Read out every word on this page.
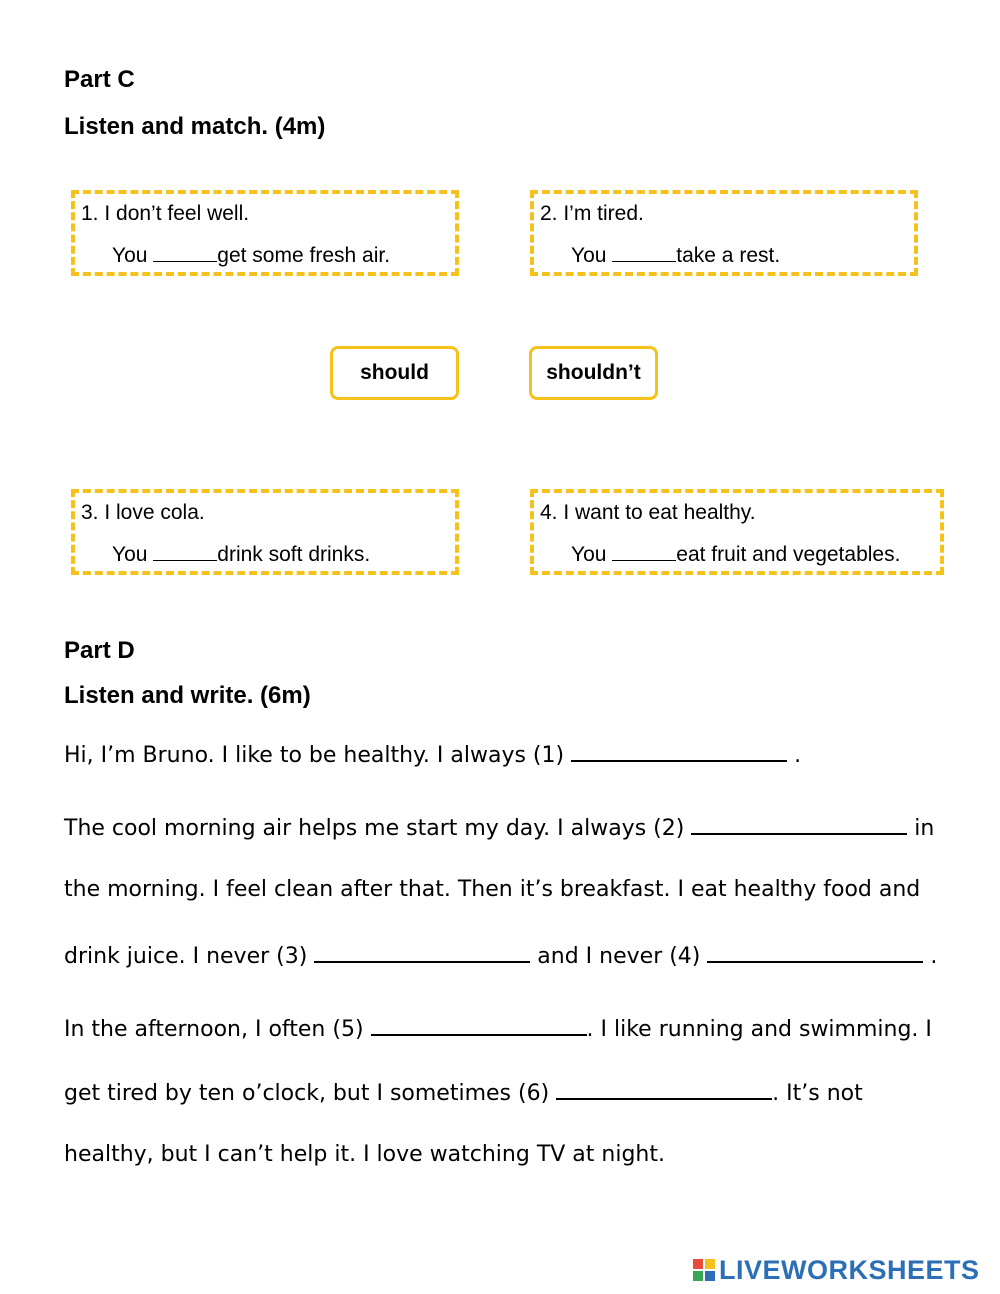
Part C
Listen and match. (4m)
1. I don’t feel well.
You	get some fresh air.
2. I’m tired.
You	take a rest.
should	shouldn’t
3. I love cola.
You	drink soft drinks.
4. I want to eat healthy.
You	eat fruit and vegetables.
Part D
Listen and write. (6m)
Hi, I’m Bruno. I like to be healthy. I always (1)	.
The cool morning air helps me start my day. I always (2)	in
the morning. I feel clean after that. Then it’s breakfast. I eat healthy food and
drink juice. I never (3)	and I never (4)	.
In the afternoon, I often (5)	. I like running and swimming. I
get tired by ten o’clock, but I sometimes (6)	. It’s not
healthy, but I can’t help it. I love watching TV at night.
LIVEWORKSHEETS
